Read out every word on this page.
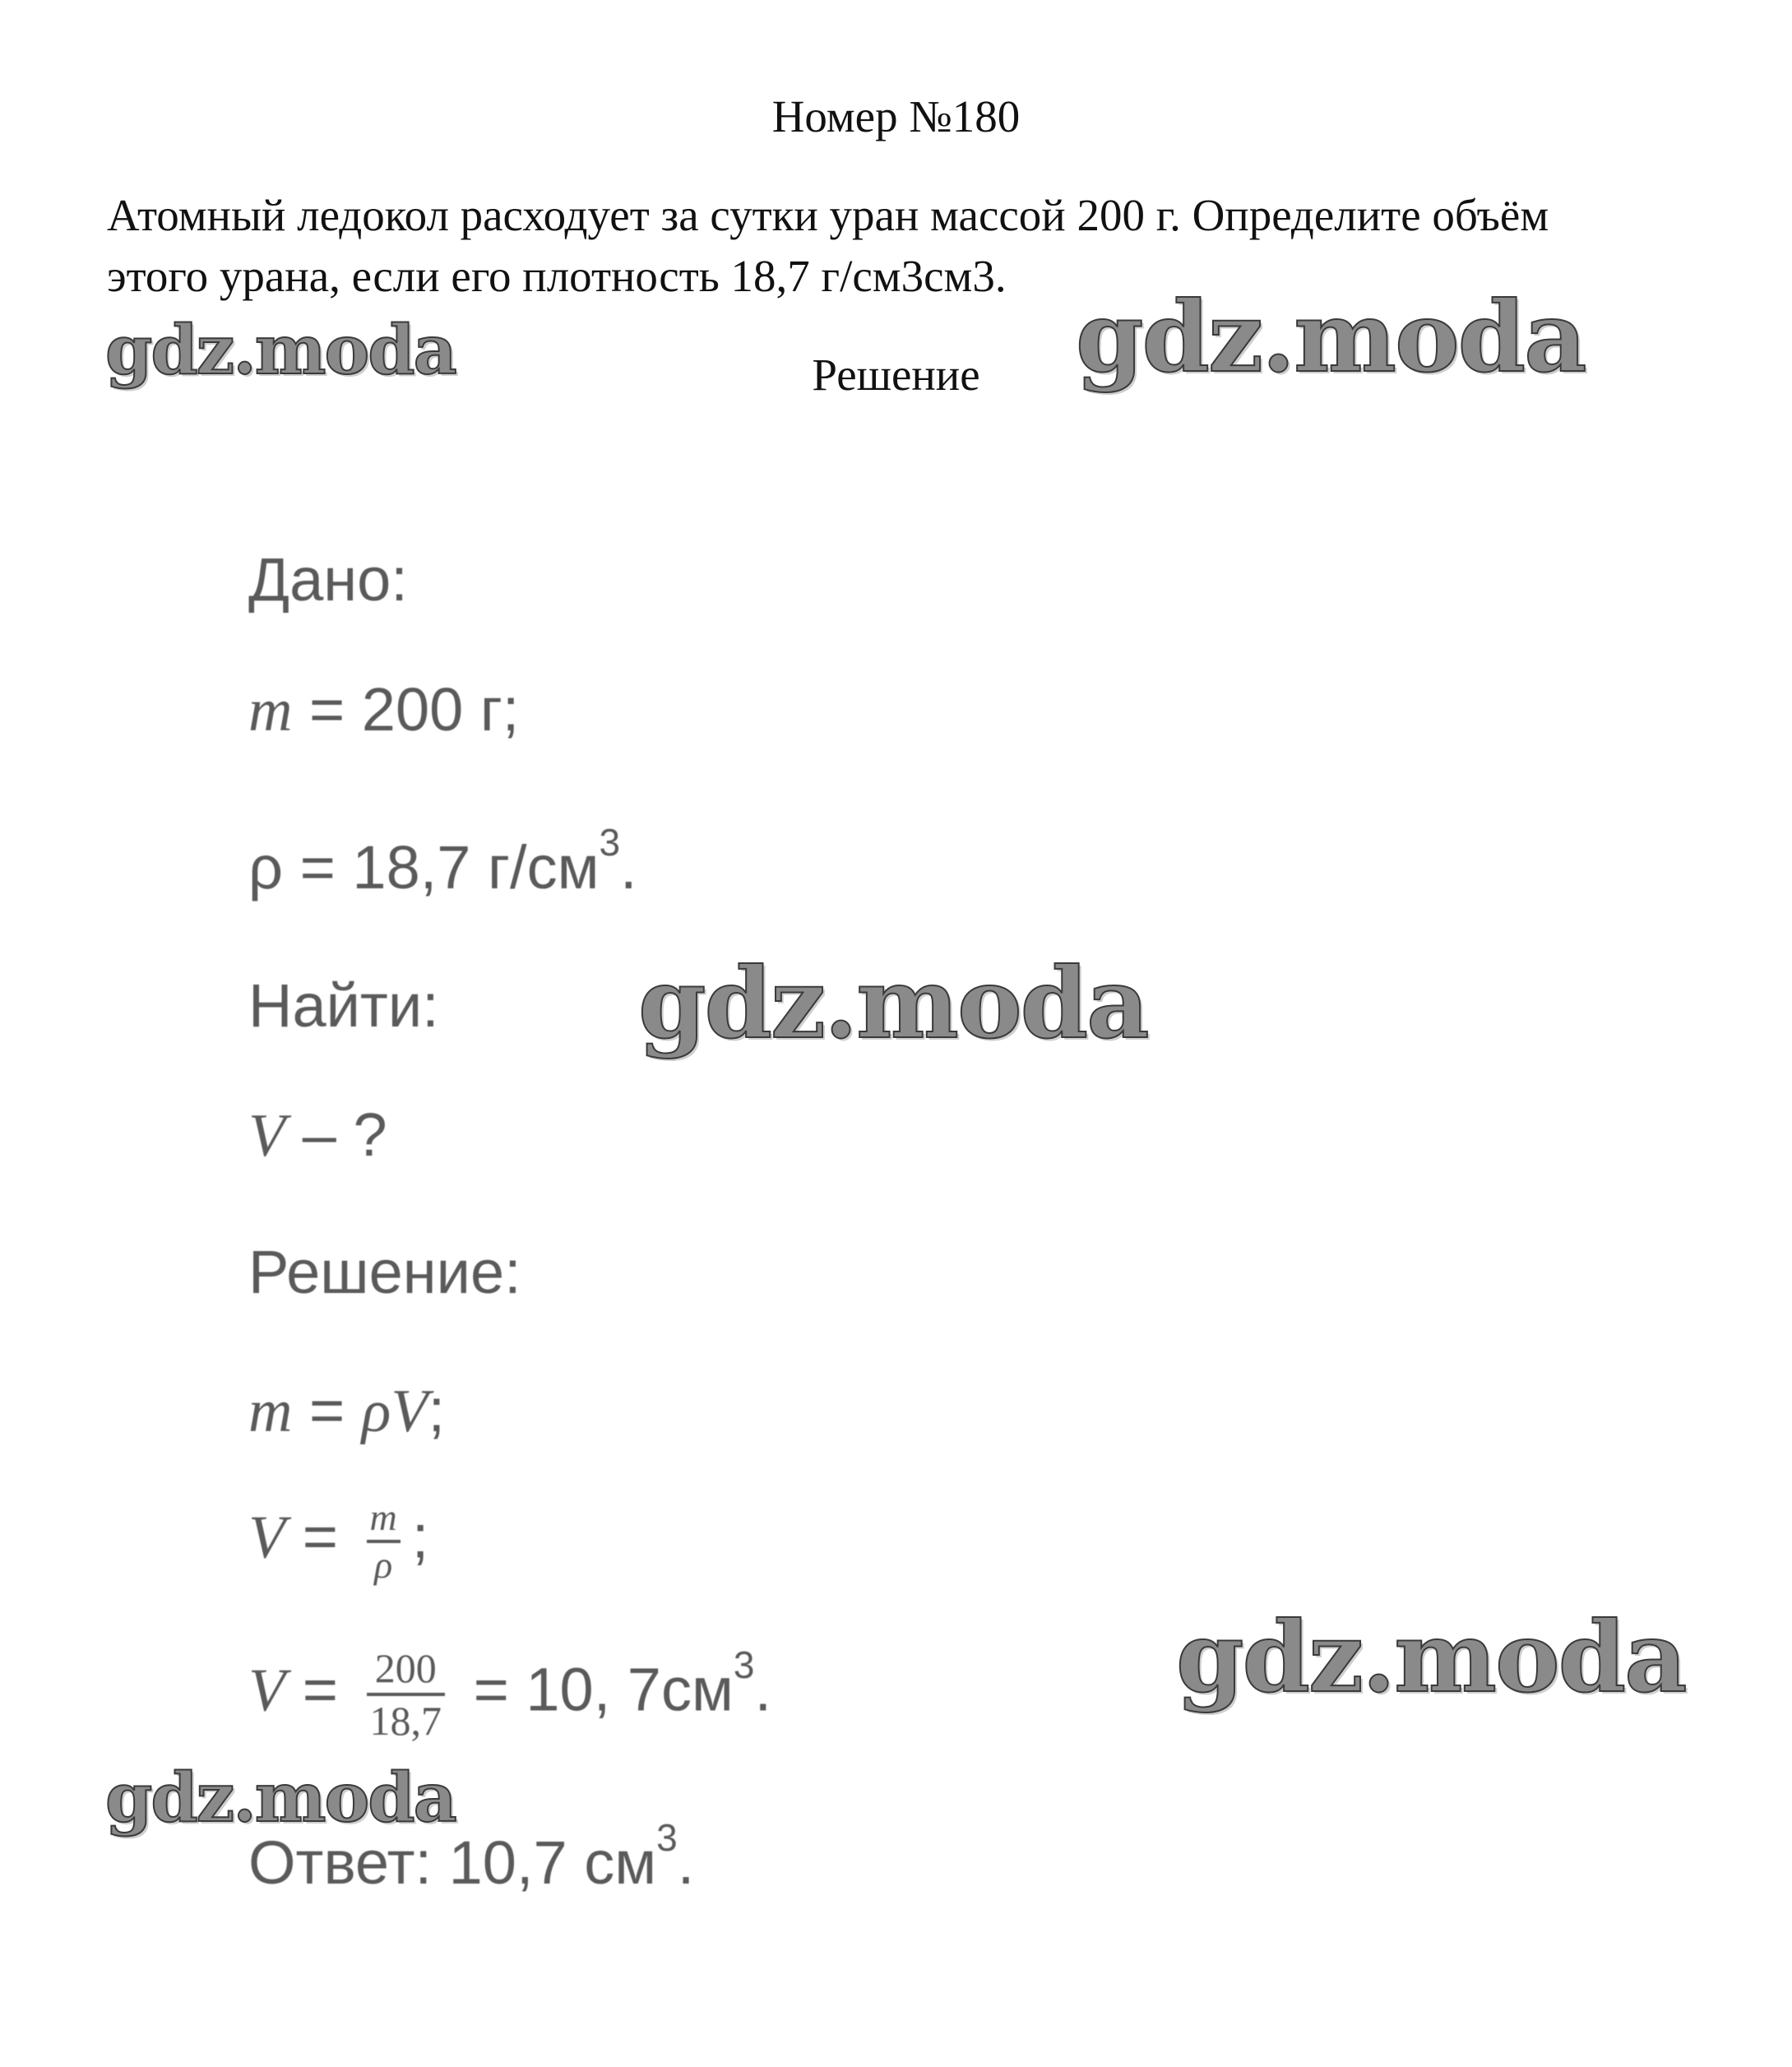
Номер №180
Атомный ледокол расходует за сутки уран массой 200 г. Определите объём
этого урана, если его плотность 18,7 г/см3см3.
Решение
gdz.moda	gdz.moda
gdz.moda
gdz.moda
gdz.moda
Дано:
m = 200 г;
ρ = 18,7 $г/см^3$.
Найти:
V – ?
Решение:
m = ρV;
$V = \frac{m}{\rho}$ ;
$V = \frac{200}{18,7} = 10$, $7см^3$.
Ответ: 10,7 $см^3$.
